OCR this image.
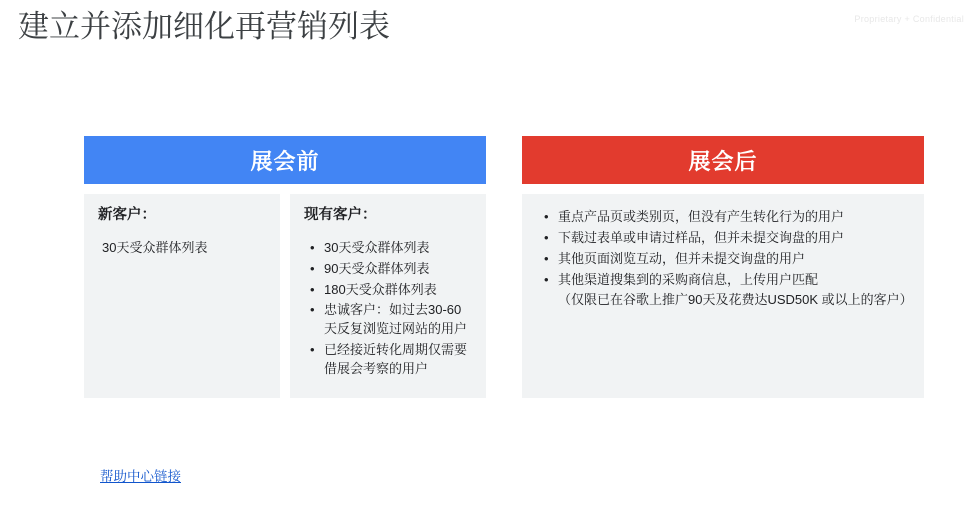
Proprietary + Confidential
建立并添加细化再营销列表
展会前
新客户：
30天受众群体列表
现有客户：
• 30天受众群体列表
• 90天受众群体列表
• 180天受众群体列表
• 忠诚客户：如过去30-60天反复浏览过网站的用户
• 已经接近转化周期仅需要借展会考察的用户
展会后
• 重点产品页或类别页，但没有产生转化行为的用户
• 下载过表单或申请过样品，但并未提交询盘的用户
• 其他页面浏览互动，但并未提交询盘的用户
• 其他渠道搜集到的采购商信息，上传用户匹配
（仅限已在谷歌上推广90天及花费达USD50K 或以上的客户）
帮助中心链接
